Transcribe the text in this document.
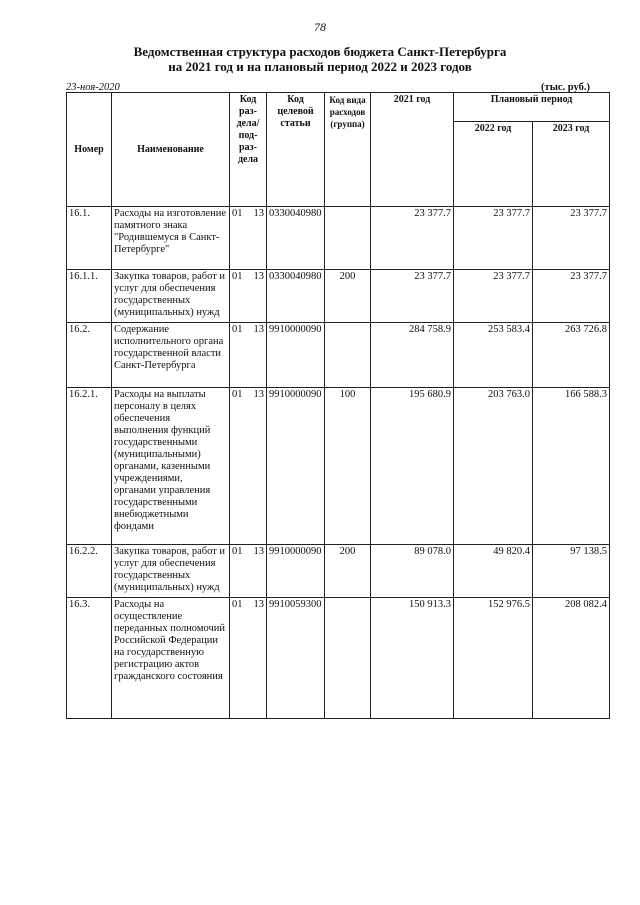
78
Ведомственная структура расходов бюджета Санкт-Петербурга
на 2021 год и на плановый период 2022 и 2023 годов
23-ноя-2020	(тыс. руб.)
Номер	Наименование	Код раз- дела/ под- раз- дела		Код целевой статьи	Код вида расходов (группа)	2021 год	Плановый период	
							2022 год	2023 год
16.1.	Расходы на изготовление памятного знака "Родившемуся в Санкт-Петербурге"	01	13	0330040980		23 377.7	23 377.7	23 377.7
16.1.1.	Закупка товаров, работ и услуг для обеспечения государственных (муниципальных) нужд	01	13	0330040980	200	23 377.7	23 377.7	23 377.7
16.2.	Содержание исполнительного органа государственной власти Санкт-Петербурга	01	13	9910000090		284 758.9	253 583.4	263 726.8
16.2.1.	Расходы на выплаты персоналу в целях обеспечения выполнения функций государственными (муниципальными) органами, казенными учреждениями, органами управления государственными внебюджетными фондами	01	13	9910000090	100	195 680.9	203 763.0	166 588.3
16.2.2.	Закупка товаров, работ и услуг для обеспечения государственных (муниципальных) нужд	01	13	9910000090	200	89 078.0	49 820.4	97 138.5
16.3.	Расходы на осуществление переданных полномочий Российской Федерации на государственную регистрацию актов гражданского состояния	01	13	9910059300		150 913.3	152 976.5	208 082.4
